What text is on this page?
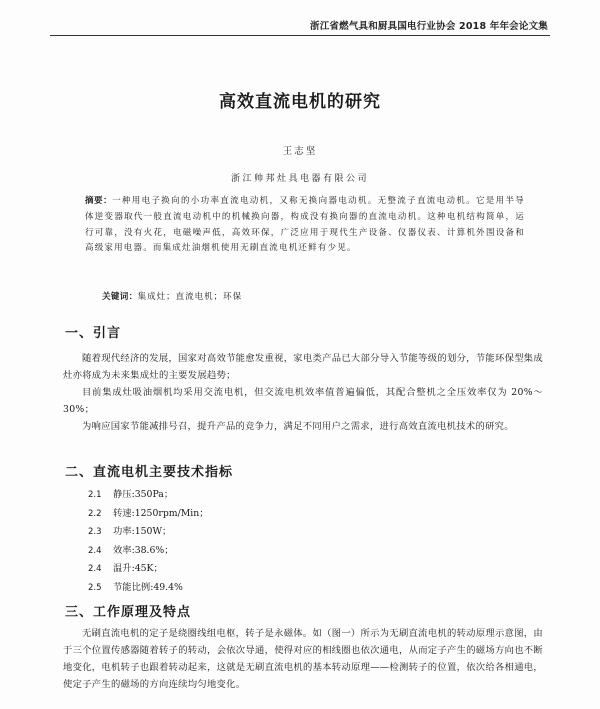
浙江省燃气具和厨具国电行业协会 2018 年年会论文集
高效直流电机的研究
王志坚
浙江帅邦灶具电器有限公司
摘要：一种用电子换向的小功率直流电动机，又称无换向器电动机。无整流子直流电动机。它是用半导体逆变器取代一般直流电动机中的机械换向器，构成没有换向器的直流电动机。这种电机结构简单，运行可靠，没有火花，电磁噪声低，高效环保，广泛应用于现代生产设备、仪器仪表、计算机外围设备和高级家用电器。而集成灶油烟机使用无刷直流电机还鲜有少见。
关键词：集成灶；直流电机；环保
一、引言

随着现代经济的发展，国家对高效节能愈发重视，家电类产品已大部分导入节能等级的划分，节能环保型集成灶亦将成为未来集成灶的主要发展趋势；

目前集成灶吸油烟机均采用交流电机，但交流电机效率值普遍偏低，其配合整机之全压效率仅为 20%～30%；

为响应国家节能减排号召，提升产品的竞争力，满足不同用户之需求，进行高效直流电机技术的研究。

二、直流电机主要技术指标
2.1 静压:350Pa；
2.2 转速:1250rpm/Min；
2.3 功率:150W；
2.4 效率:38.6%；
2.4 温升:45K；
2.5 节能比例:49.4%
三、工作原理及特点

无刷直流电机的定子是绕圈线组电枢，转子是永磁体。如（图一）所示为无刷直流电机的转动原理示意图，由于三个位置传感器随着转子的转动，会依次导通，使得对应的相线圈也依次通电，从而定子产生的磁场方向也不断地变化，电机转子也跟着转动起来，这就是无刷直流电机的基本转动原理——检测转子的位置，依次给各相通电，使定子产生的磁场的方向连续均匀地变化。
